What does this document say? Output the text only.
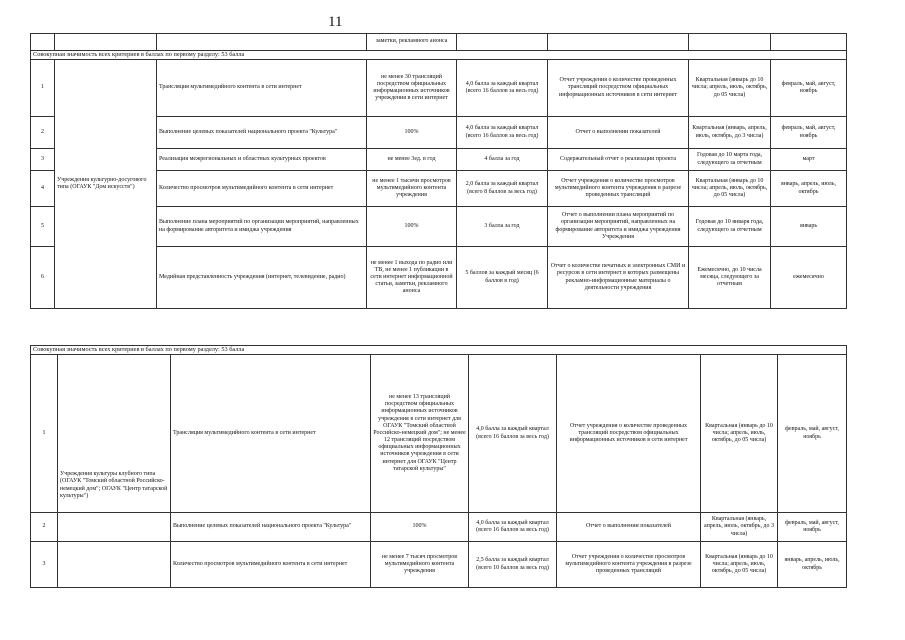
11
			заметки, рекламного анонса				
Совокупная значимость всех критериев в баллах по первому разделу: 53 балла							
1	Учреждения культурно-досугового типа (ОГАУК "Дом искусств")	Трансляция мультимедийного контента в сети интернет	не менее 30 трансляций посредством официальных информационных источников учреждения в сети интернет	4,0 балла за каждый квартал (всего 16 баллов за весь год)	Отчет учреждения о количестве проведенных трансляций посредством официальных информационных источников в сети интернет	Квартальная (январь до 10 числа; апрель, июль, октябрь, до 05 числа)	февраль, май, август, ноябрь
2		Выполнение целевых показателей национального проекта "Культура"	100%	4,0 балла за каждый квартал (всего 16 баллов за весь год)	Отчет о выполнении показателей	Квартальная (январь, апрель, июль, октябрь, до 3 числа)	февраль, май, август, ноябрь
3		Реализация межрегиональных и областных культурных проектов	не менее 3ед. в год	4 балла за год	Содержательный отчет о реализации проекта	Годовая до 10 марта года, следующего за отчетным	март
4		Количество просмотров мультимедийного контента в сети интернет	не менее 1 тысячи просмотров мультимедийного контента учреждения	2,0 балла за каждый квартал (всего 8 баллов за весь год)	Отчет учреждения о количестве просмотров мультимедийного контента учреждения в разрезе проведенных трансляций	Квартальная (январь до 10 числа; апрель, июль, октябрь, до 05 числа)	январь, апрель, июль, октябрь
5		Выполнение плана мероприятий по организации мероприятий, направленных на формирование авторитета и имиджа учреждения	100%	3 балла за год	Отчет о выполнении плана мероприятий по организации мероприятий, направленных на формирование авторитета и имиджа учреждения Учреждения	Годовая до 10 января года, следующего за отчетным	январь
6		Медийная представленность учреждения (интернет, телевидение, радио)	не менее 1 выхода по радио или ТВ, не менее 1 публикации в сети интернет информационной статьи, заметки, рекламного анонса	5 баллов за каждый месяц (6 баллов в год)	Отчет о количестве печатных и электронных СМИ и ресурсов в сети интернет в которых размещены рекламно-информационные материалы о деятельности учреждения	Ежемесячно, до 10 числа месяца, следующего за отчетным	ежемесячно
Совокупная значимость всех критериев в баллах по первому разделу: 53 балла							
1	Учреждения культуры клубного типа (ОГАУК "Томский областной Российско-немецкий дом"; ОГАУК "Центр татарской культуры")	Трансляция мультимедийного контента в сети интернет	не менее 13 трансляций посредством официальных информационных источников учреждения в сети интернет для ОГАУК "Томский областной Российско-немецкий дом"; не менее 12 трансляций посредством официальных информационных источников учреждения в сети интернет для ОГАУК "Центр татарской культуры"	4,0 балла за каждый квартал (всего 16 баллов за весь год)	Отчет учреждения о количестве проведенных трансляций посредством официальных информационных источников в сети интернет	Квартальная (январь до 10 числа; апрель, июль, октябрь, до 05 числа)	февраль, май, август, ноябрь
2		Выполнение целевых показателей национального проекта "Культура"	100%	4,0 балла за каждый квартал (всего 16 баллов за весь год)	Отчет о выполнении показателей	Квартальная (январь, апрель, июль, октябрь, до 3 числа)	февраль, май, август, ноябрь
3		Количество просмотров мультимедийного контента в сети интернет	не менее 7 тысяч просмотров мультимедийного контента учреждения	2,5 балла за каждый квартал (всего 10 баллов за весь год)	Отчет учреждения о количестве просмотров мультимедийного контента учреждения в разрезе проведенных трансляций	Квартальная (январь до 10 числа; апрель, июль, октябрь, до 05 числа)	январь, апрель, июль, октябрь
